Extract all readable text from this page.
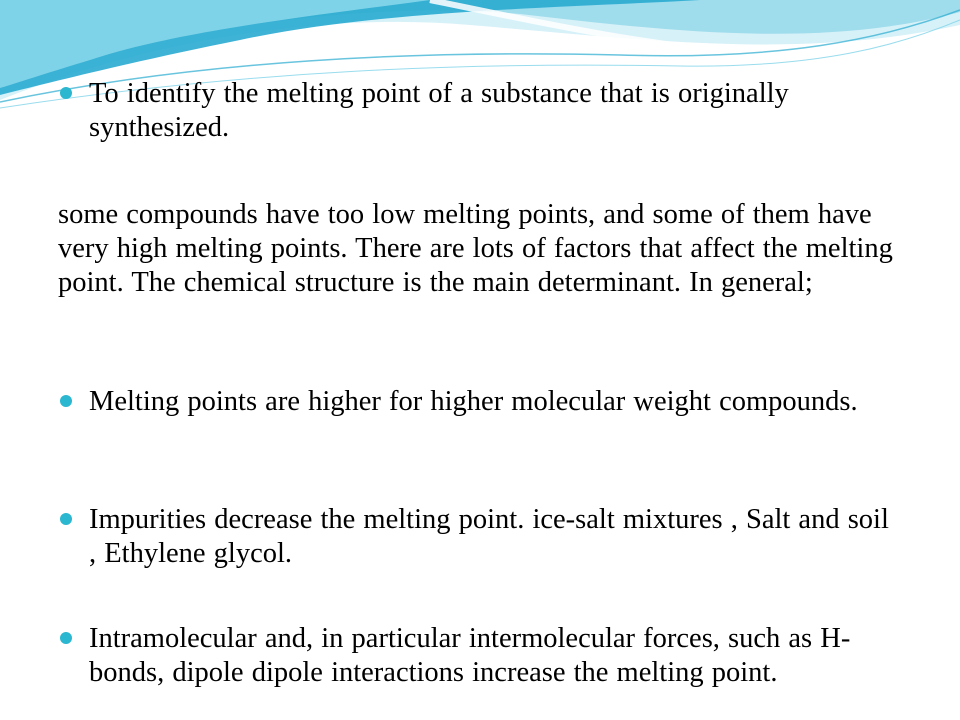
To identify the melting point of a substance that is originally synthesized.
some compounds have too low melting points, and some of them have very high melting points. There are lots of factors that affect the melting point. The chemical structure is the main determinant. In general;
Melting points are higher for higher molecular weight compounds.
Impurities decrease the melting point. ice-salt mixtures , Salt and soil , Ethylene glycol.
Intramolecular and, in particular intermolecular forces, such as H-bonds, dipole dipole interactions increase the melting point.
